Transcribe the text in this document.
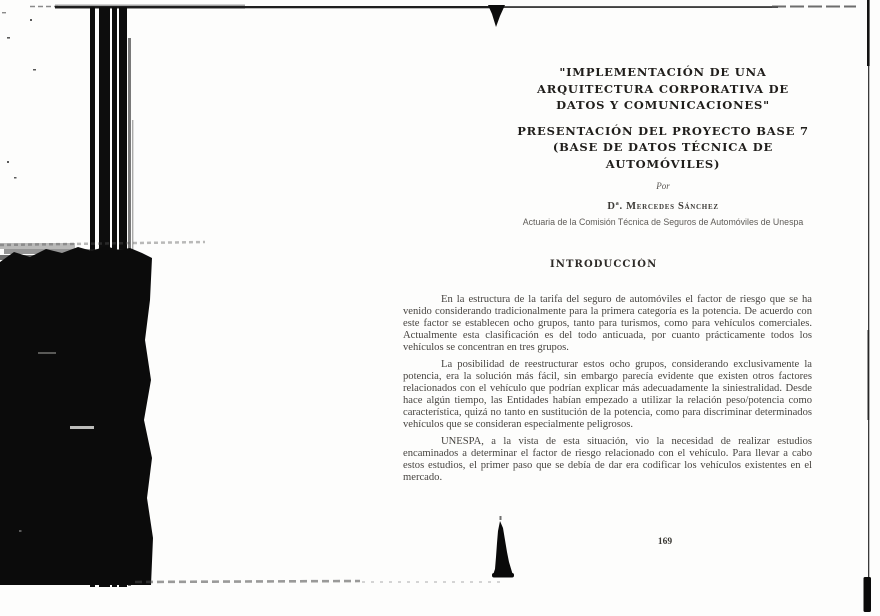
"IMPLEMENTACIÓN DE UNA
ARQUITECTURA CORPORATIVA DE
DATOS Y COMUNICACIONES"
PRESENTACIÓN DEL PROYECTO BASE 7
(BASE DE DATOS TÉCNICA DE
AUTOMÓVILES)
Por
Dª. Mercedes Sánchez
Actuaria de la Comisión Técnica de Seguros de Automóviles de Unespa
INTRODUCCIÓN

En la estructura de la tarifa del seguro de automóviles el factor de riesgo que se ha venido considerando tradicionalmente para la primera categoría es la potencia. De acuerdo con este factor se establecen ocho grupos, tanto para turismos, como para vehículos comerciales. Actualmente esta clasificación es del todo anticuada, por cuanto prácticamente todos los vehículos se concentran en tres grupos.

La posibilidad de reestructurar estos ocho grupos, considerando exclusivamente la potencia, era la solución más fácil, sin embargo parecía evidente que existen otros factores relacionados con el vehículo que podrían explicar más adecuadamente la siniestralidad. Desde hace algún tiempo, las Entidades habían empezado a utilizar la relación peso/potencia como característica, quizá no tanto en sustitución de la potencia, como para discriminar determinados vehículos que se consideran especialmente peligrosos.

UNESPA, a la vista de esta situación, vio la necesidad de realizar estudios encaminados a determinar el factor de riesgo relacionado con el vehículo. Para llevar a cabo estos estudios, el primer paso que se debía de dar era codificar los vehículos existentes en el mercado.

169
